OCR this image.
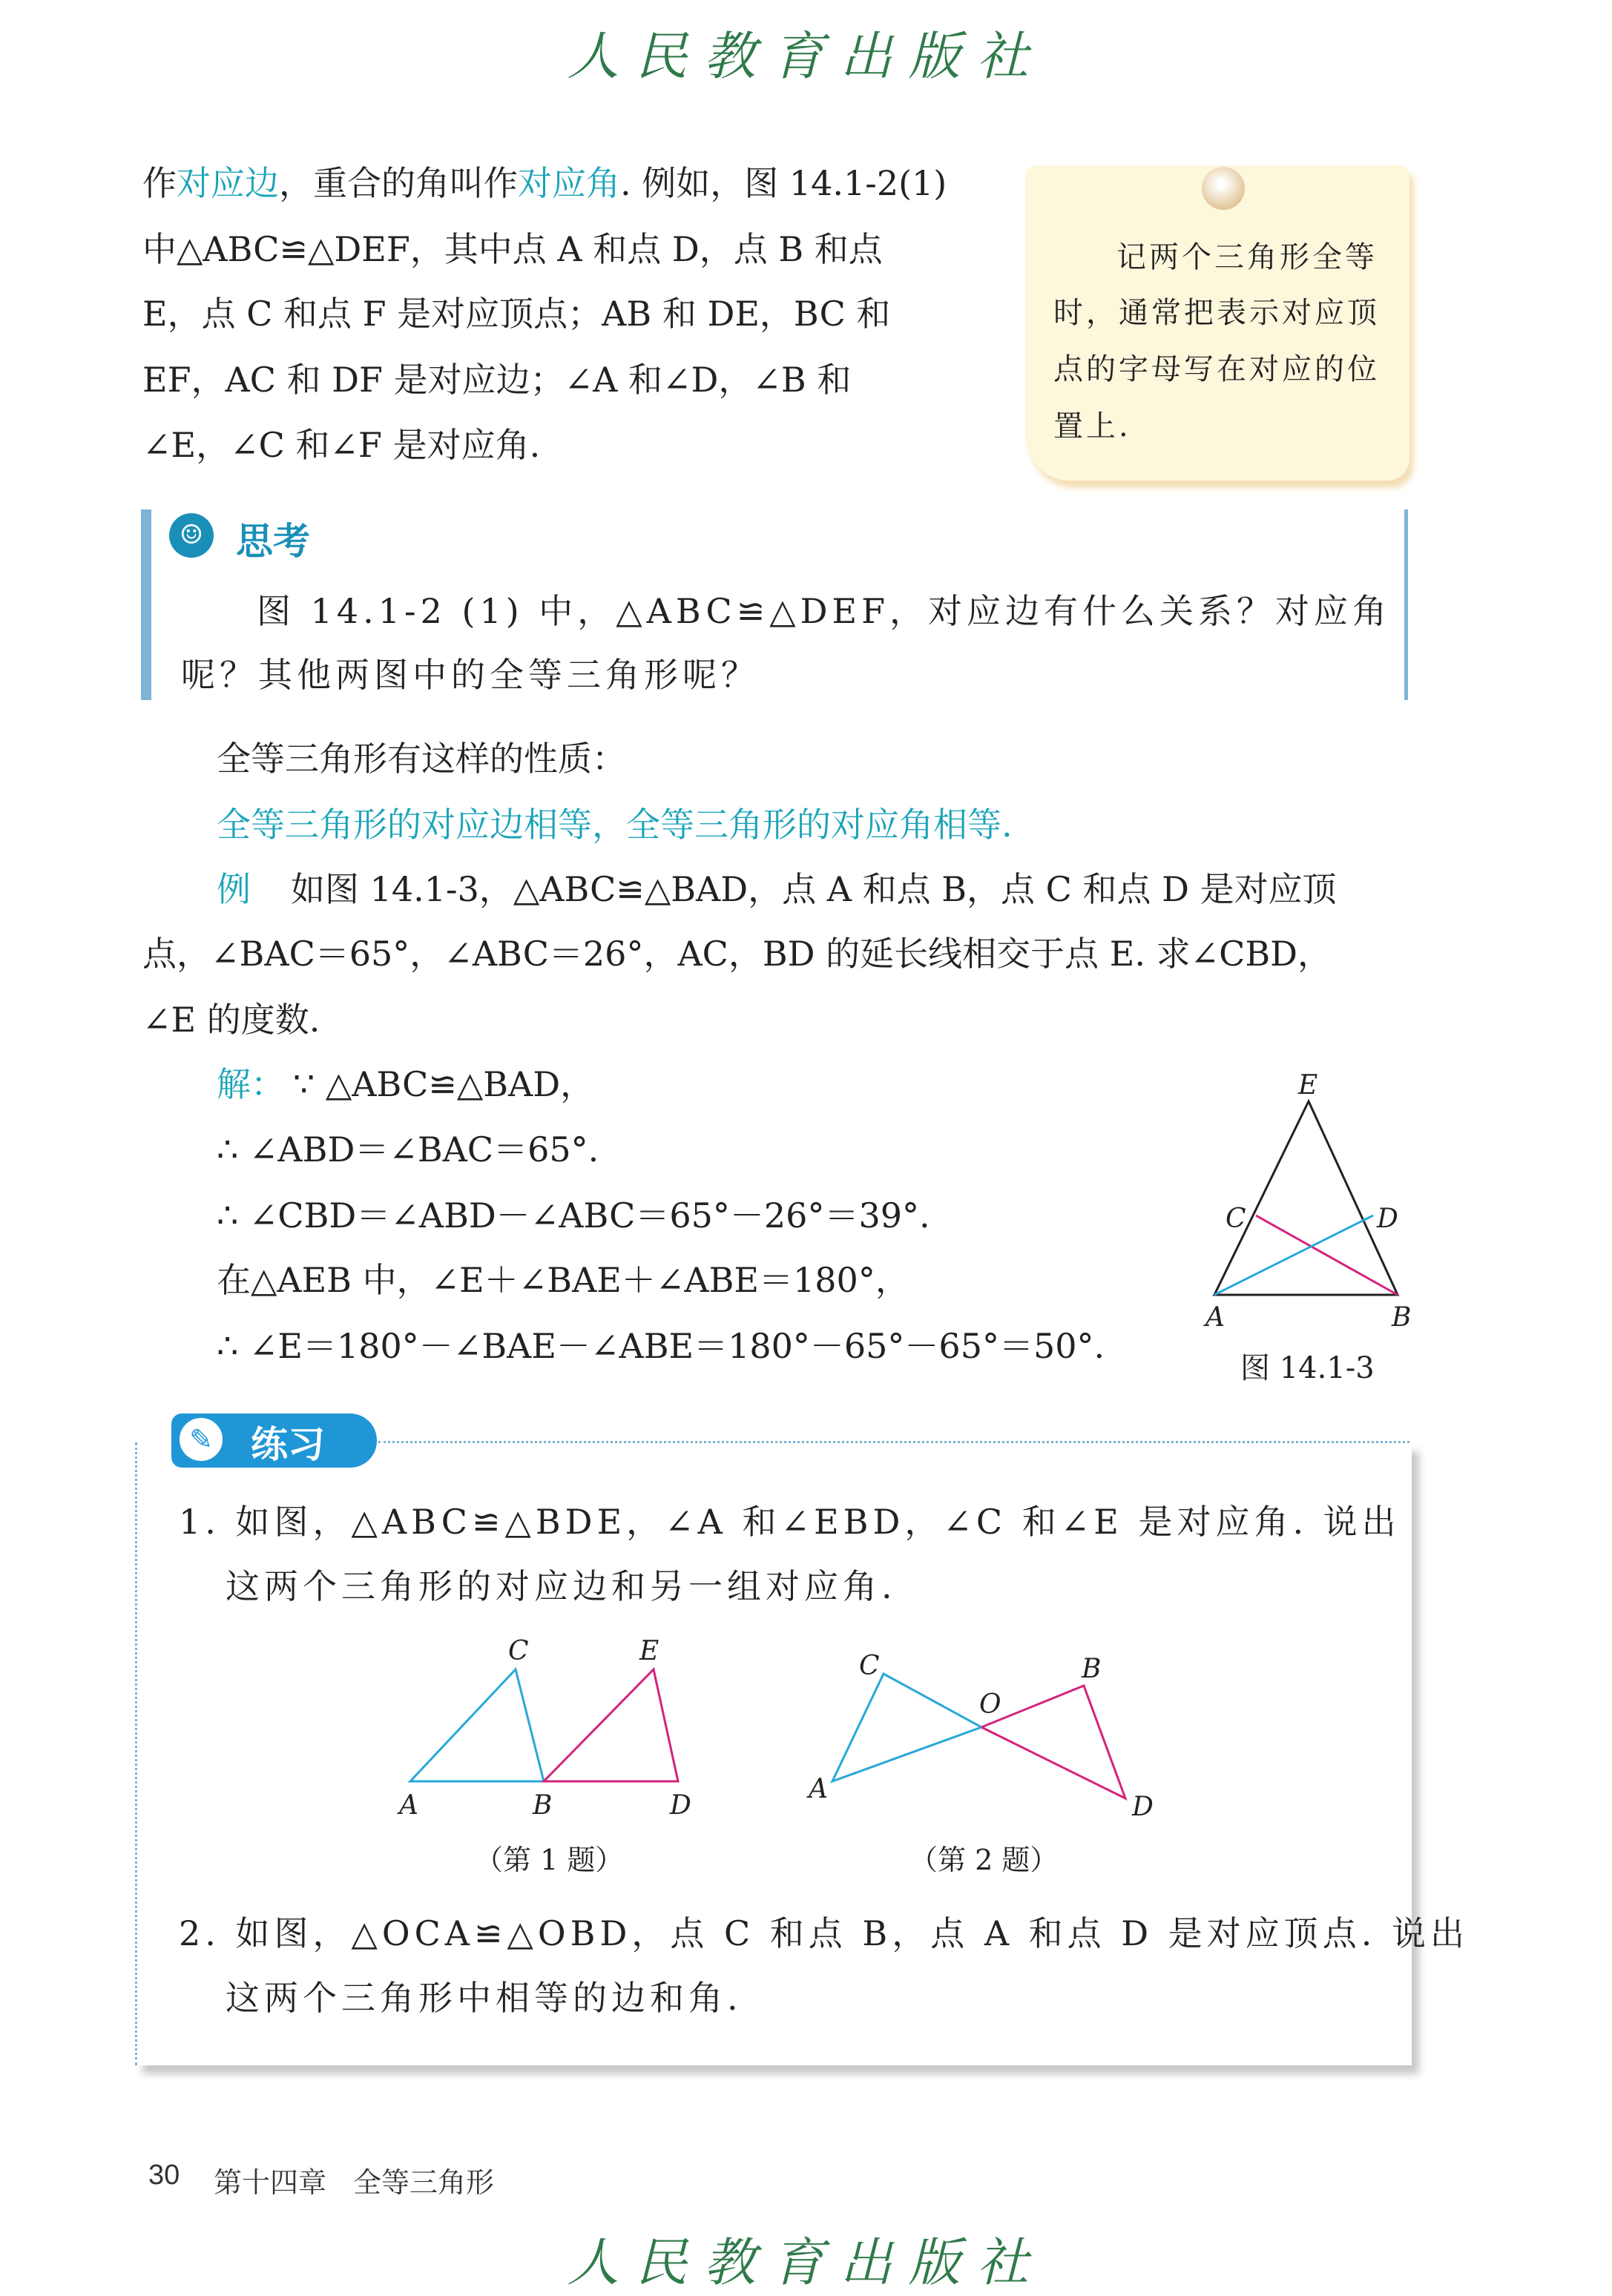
人民教育出版社
作对应边，重合的角叫作对应角. 例如，图 14.1-2(1)
中△ABC≌△DEF，其中点 A 和点 D，点 B 和点
E，点 C 和点 F 是对应顶点；AB 和 DE，BC 和
EF，AC 和 DF 是对应边；∠A 和∠D，∠B 和
∠E，∠C 和∠F 是对应角.
记两个三角形全等
时，通常把表示对应顶
点的字母写在对应的位
置上.
☺ 思考
图 14.1-2 (1) 中，△ABC≌△DEF，对应边有什么关系？对应角
呢？其他两图中的全等三角形呢？
全等三角形有这样的性质：
全等三角形的对应边相等，全等三角形的对应角相等.
例 如图 14.1-3，△ABC≌△BAD，点 A 和点 B，点 C 和点 D 是对应顶
点，∠BAC＝65°，∠ABC＝26°，AC，BD 的延长线相交于点 E. 求∠CBD，
∠E 的度数.
解： ∵ △ABC≌△BAD，
∴ ∠ABD＝∠BAC＝65°.
∴ ∠CBD＝∠ABD－∠ABC＝65°－26°＝39°.
在△AEB 中，∠E＋∠BAE＋∠ABE＝180°，
∴ ∠E＝180°－∠BAE－∠ABE＝180°－65°－65°＝50°.
E
C	D
A	B
图 14.1-3
✎	练习
1. 如图，△ABC≌△BDE，∠A 和∠EBD，∠C 和∠E 是对应角. 说出
这两个三角形的对应边和另一组对应角.
A	B
C
D
E
A
B
C
D
O
（第 1 题）	（第 2 题）
2. 如图，△OCA≌△OBD，点 C 和点 B，点 A 和点 D 是对应顶点. 说出
这两个三角形中相等的边和角.
30 第十四章 全等三角形
人民教育出版社
